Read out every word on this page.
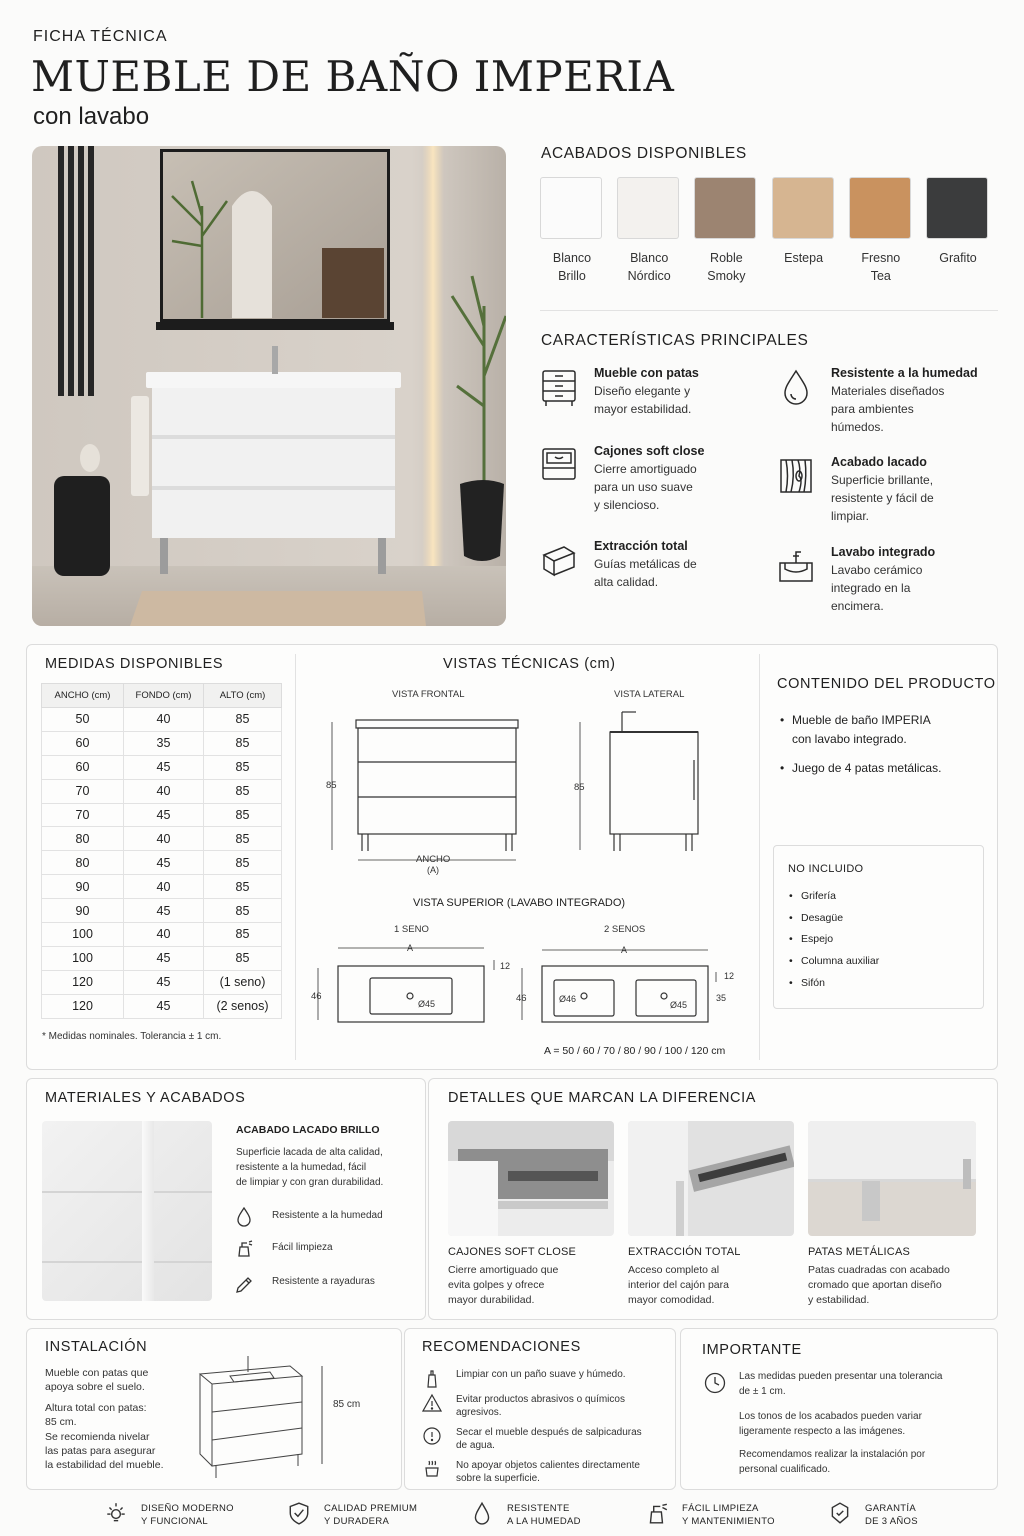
FICHA TÉCNICA
MUEBLE DE BAÑO IMPERIA
con lavabo
ACABADOS DISPONIBLES
Blanco
Brillo
Blanco
Nórdico
Roble
Smoky
Estepa	Fresno
Tea
Grafito
CARACTERÍSTICAS PRINCIPALES
Mueble con patas
Diseño elegante y
mayor estabilidad.
Resistente a la humedad
Materiales diseñados
para ambientes
húmedos.
Cajones soft close
Cierre amortiguado
para un uso suave
y silencioso.
Acabado lacado
Superficie brillante,
resistente y fácil de
limpiar.
Extracción total
Guías metálicas de
alta calidad.
Lavabo integrado
Lavabo cerámico
integrado en la
encimera.
MEDIDAS DISPONIBLES
ANCHO (cm)	FONDO (cm)	ALTO (cm)
50	40	85
60	35	85
60	45	85
70	40	85
70	45	85
80	40	85
80	45	85
90	40	85
90	45	85
100	40	85
100	45	85
120	45	(1 seno)
120	45	(2 senos)
* Medidas nominales. Tolerancia ± 1 cm.
VISTAS TÉCNICAS (cm)
VISTA FRONTAL	VISTA LATERAL
85	85
ANCHO
(A)
VISTA SUPERIOR (LAVABO INTEGRADO)
1 SENO	2 SENOS
A	A
46	46
12
12
35
Ø45	Ø46
Ø45
A = 50 / 60 / 70 / 80 / 90 / 100 / 120 cm
CONTENIDO DEL PRODUCTO
• Mueble de baño IMPERIA
con lavabo integrado.
• Juego de 4 patas metálicas.
NO INCLUIDO
• Grifería
• Desagüe
• Espejo
• Columna auxiliar
• Sifón
MATERIALES Y ACABADOS
ACABADO LACADO BRILLO
Superficie lacada de alta calidad,
resistente a la humedad, fácil
de limpiar y con gran durabilidad.
Resistente a la humedad
Fácil limpieza
Resistente a rayaduras
DETALLES QUE MARCAN LA DIFERENCIA
CAJONES SOFT CLOSE
Cierre amortiguado que
evita golpes y ofrece
mayor durabilidad.
EXTRACCIÓN TOTAL
Acceso completo al
interior del cajón para
mayor comodidad.
PATAS METÁLICAS
Patas cuadradas con acabado
cromado que aportan diseño
y estabilidad.
INSTALACIÓN
Mueble con patas que
apoya sobre el suelo.
Altura total con patas:
85 cm.
Se recomienda nivelar
las patas para asegurar
la estabilidad del mueble.
85 cm
RECOMENDACIONES
Limpiar con un paño suave y húmedo.
Evitar productos abrasivos o químicos
agresivos.
Secar el mueble después de salpicaduras
de agua.
No apoyar objetos calientes directamente
sobre la superficie.
IMPORTANTE
Las medidas pueden presentar una tolerancia
de ± 1 cm.
Los tonos de los acabados pueden variar
ligeramente respecto a las imágenes.
Recomendamos realizar la instalación por
personal cualificado.
DISEÑO MODERNO
Y FUNCIONAL
CALIDAD PREMIUM
Y DURADERA
RESISTENTE
A LA HUMEDAD
FÁCIL LIMPIEZA
Y MANTENIMIENTO
GARANTÍA
DE 3 AÑOS
